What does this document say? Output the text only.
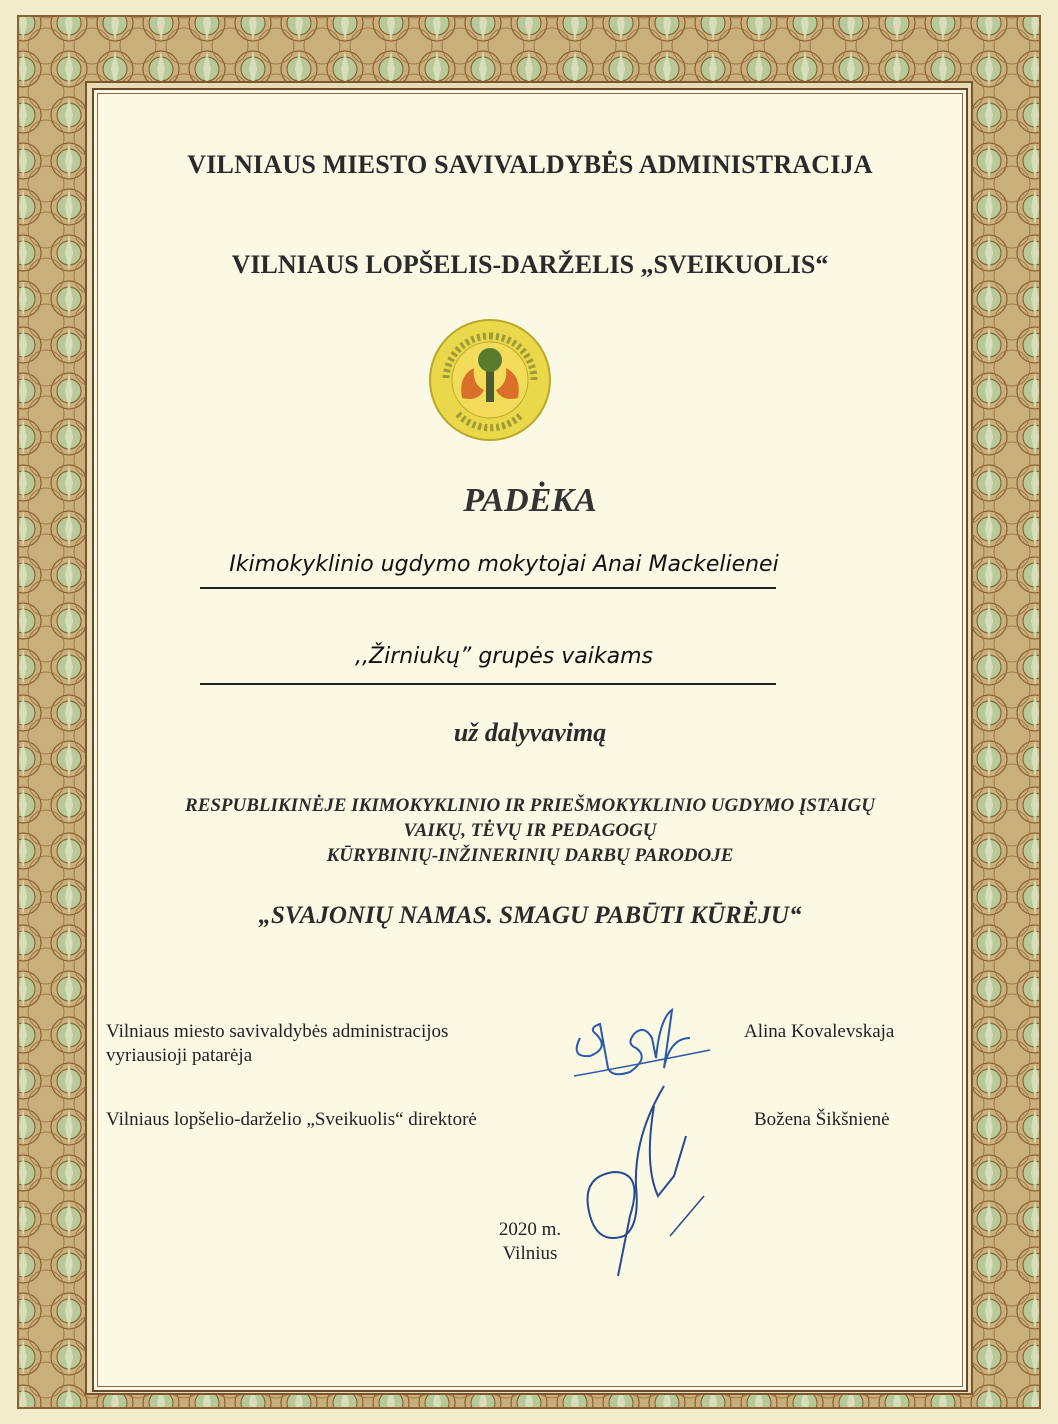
VILNIAUS MIESTO SAVIVALDYBĖS ADMINISTRACIJA
VILNIAUS LOPŠELIS-DARŽELIS „SVEIKUOLIS“
PADĖKA
Ikimokyklinio ugdymo mokytojai Anai Mackelienei
,,Žirniukų” grupės vaikams
už dalyvavimą
RESPUBLIKINĖJE IKIMOKYKLINIO IR PRIEŠMOKYKLINIO UGDYMO ĮSTAIGŲ
VAIKŲ, TĖVŲ IR PEDAGOGŲ
KŪRYBINIŲ-INŽINERINIŲ DARBŲ PARODOJE
„SVAJONIŲ NAMAS. SMAGU PABŪTI KŪRĖJU“
Vilniaus miesto savivaldybės administracijos
vyriausioji patarėja
Alina Kovalevskaja
Vilniaus lopšelio-darželio „Sveikuolis“ direktorė	Božena Šikšnienė
2020 m.
Vilnius
